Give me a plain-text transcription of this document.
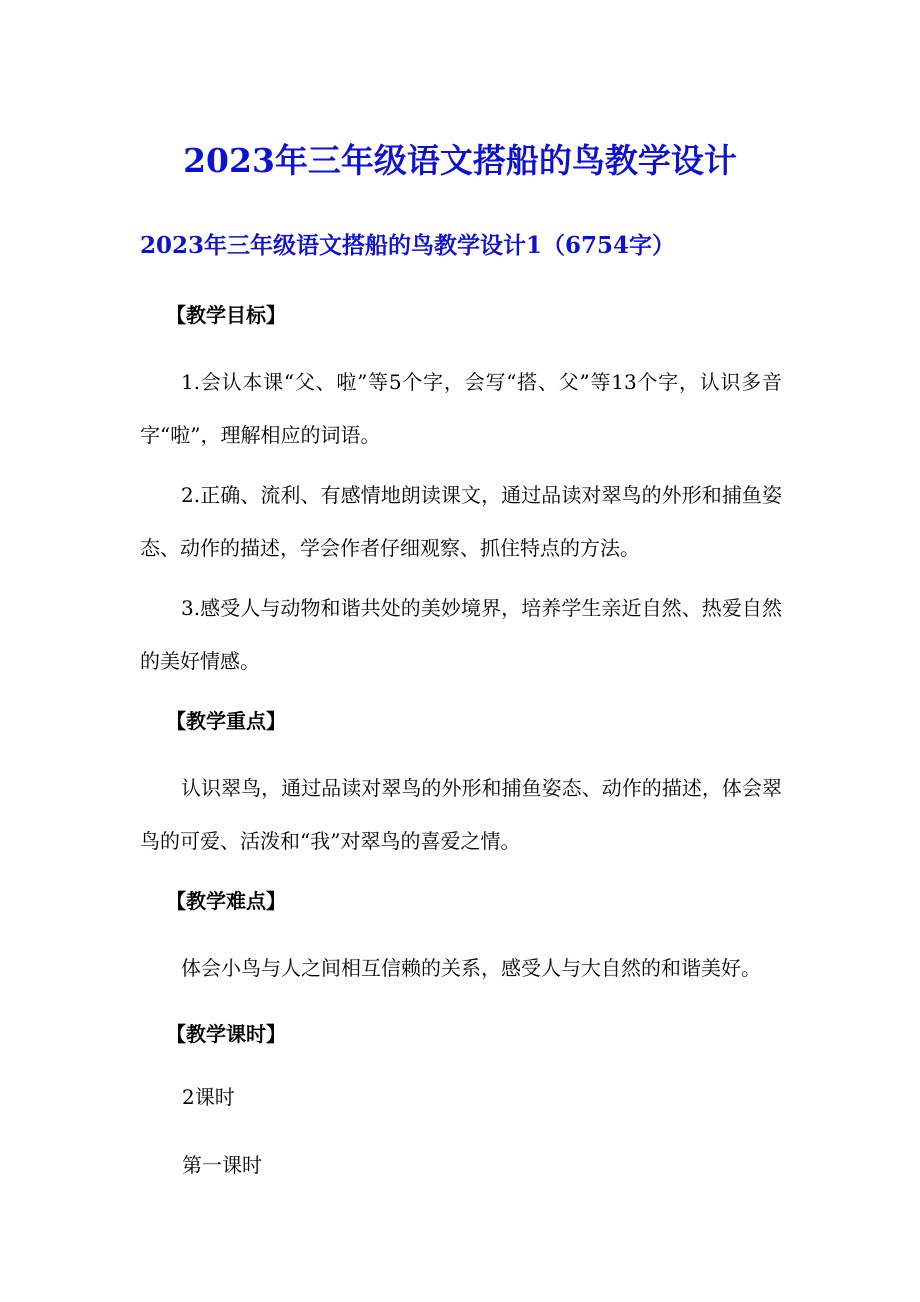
2023年三年级语文搭船的鸟教学设计
2023年三年级语文搭船的鸟教学设计1（6754字）
【教学目标】

1.会认本课“父、啦”等5个字，会写“搭、父”等13个字，认识多音字“啦”，理解相应的词语。

2.正确、流利、有感情地朗读课文，通过品读对翠鸟的外形和捕鱼姿态、动作的描述，学会作者仔细观察、抓住特点的方法。

3.感受人与动物和谐共处的美妙境界，培养学生亲近自然、热爱自然的美好情感。

【教学重点】

认识翠鸟，通过品读对翠鸟的外形和捕鱼姿态、动作的描述，体会翠鸟的可爱、活泼和“我”对翠鸟的喜爱之情。

【教学难点】

体会小鸟与人之间相互信赖的关系，感受人与大自然的和谐美好。

【教学课时】
2课时
第一课时
